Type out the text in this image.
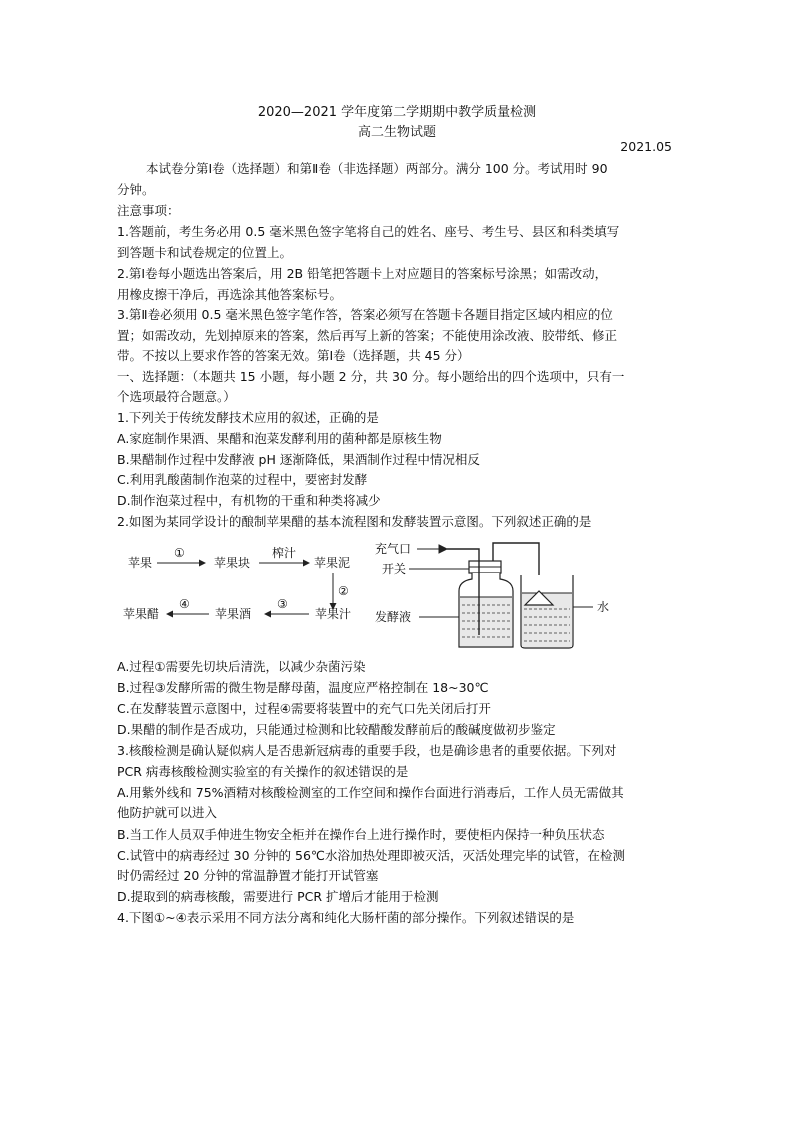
2020—2021 学年度第二学期期中教学质量检测
高二生物试题
2021.05
本试卷分第Ⅰ卷（选择题）和第Ⅱ卷（非选择题）两部分。满分 100 分。考试用时 90
分钟。
注意事项：
1.答题前，考生务必用 0.5 毫米黑色签字笔将自己的姓名、座号、考生号、县区和科类填写
到答题卡和试卷规定的位置上。
2.第Ⅰ卷每小题选出答案后，用 2B 铅笔把答题卡上对应题目的答案标号涂黑；如需改动，
用橡皮擦干净后，再选涂其他答案标号。
3.第Ⅱ卷必须用 0.5 毫米黑色签字笔作答，答案必须写在答题卡各题目指定区域内相应的位
置；如需改动，先划掉原来的答案，然后再写上新的答案；不能使用涂改液、胶带纸、修正
带。不按以上要求作答的答案无效。第Ⅰ卷（选择题，共 45 分）
一、选择题：（本题共 15 小题，每小题 2 分，共 30 分。每小题给出的四个选项中，只有一
个选项最符合题意。）
1.下列关于传统发酵技术应用的叙述，正确的是
A.家庭制作果酒、果醋和泡菜发酵利用的菌种都是原核生物
B.果醋制作过程中发酵液 pH 逐渐降低，果酒制作过程中情况相反
C.利用乳酸菌制作泡菜的过程中，要密封发酵
D.制作泡菜过程中，有机物的干重和种类将减少
2.如图为某同学设计的酿制苹果醋的基本流程图和发酵装置示意图。下列叙述正确的是
苹果
①
苹果块
榨汁
苹果泥
②
苹果汁
③
苹果酒
④
苹果醋
充气口
开关
发酵液
水
A.过程①需要先切块后清洗，以减少杂菌污染
B.过程③发酵所需的微生物是酵母菌，温度应严格控制在 18~30℃
C.在发酵装置示意图中，过程④需要将装置中的充气口先关闭后打开
D.果醋的制作是否成功，只能通过检测和比较醋酸发酵前后的酸碱度做初步鉴定
3.核酸检测是确认疑似病人是否患新冠病毒的重要手段，也是确诊患者的重要依据。下列对
PCR 病毒核酸检测实验室的有关操作的叙述错误的是
A.用紫外线和 75%酒精对核酸检测室的工作空间和操作台面进行消毒后，工作人员无需做其
他防护就可以进入
B.当工作人员双手伸进生物安全柜并在操作台上进行操作时，要使柜内保持一种负压状态
C.试管中的病毒经过 30 分钟的 56℃水浴加热处理即被灭活，灭活处理完毕的试管，在检测
时仍需经过 20 分钟的常温静置才能打开试管塞
D.提取到的病毒核酸，需要进行 PCR 扩增后才能用于检测
4.下图①~④表示采用不同方法分离和纯化大肠杆菌的部分操作。下列叙述错误的是
